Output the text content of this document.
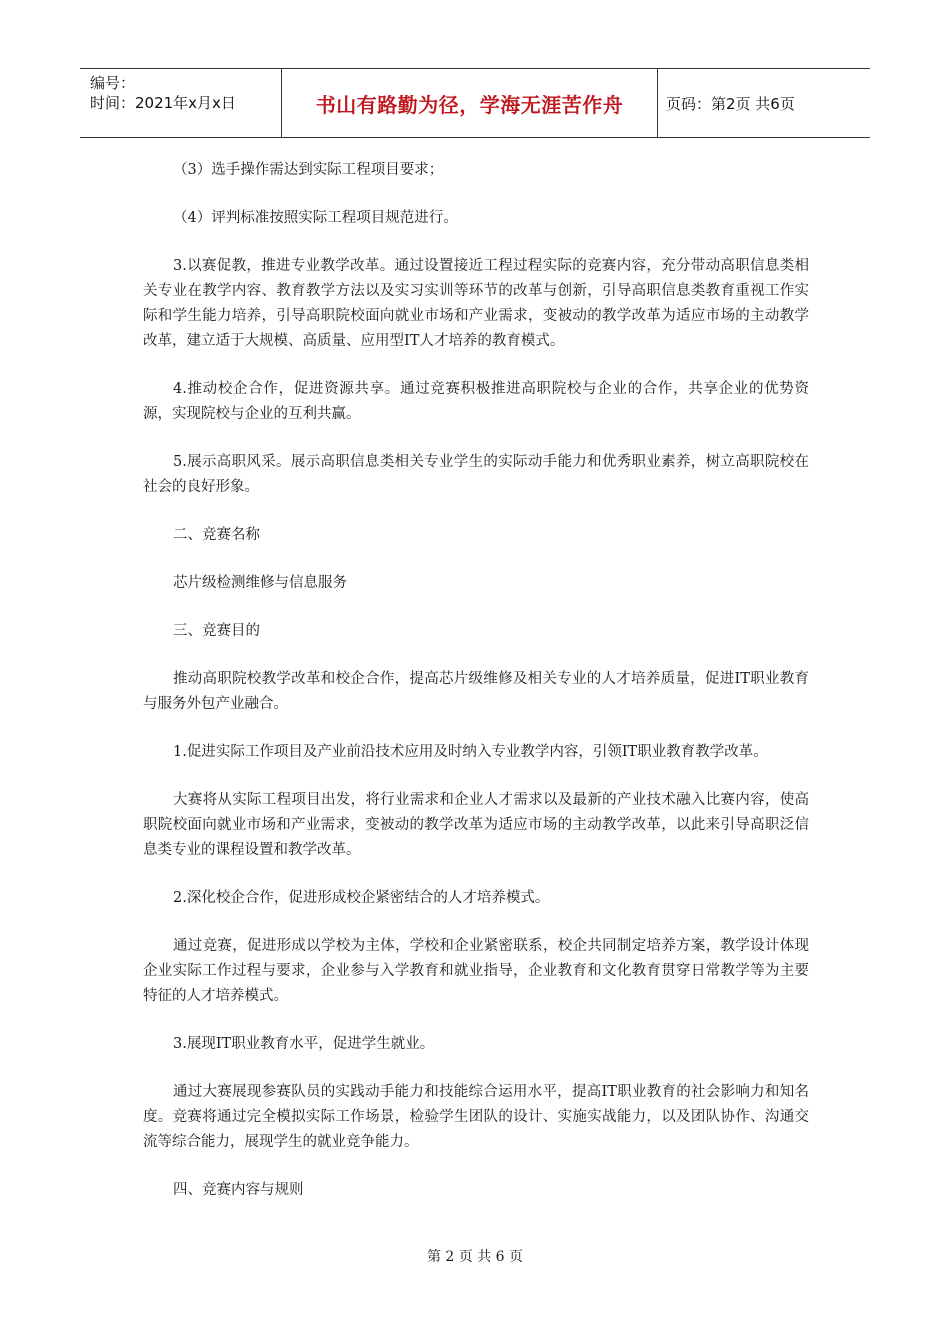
编号：
时间：2021年x月x日	书山有路勤为径，学海无涯苦作舟	页码：第2页 共6页

（3）选手操作需达到实际工程项目要求；

（4）评判标准按照实际工程项目规范进行。

3.以赛促教，推进专业教学改革。通过设置接近工程过程实际的竞赛内容，充分带动高职信息类相关专业在教学内容、教育教学方法以及实习实训等环节的改革与创新，引导高职信息类教育重视工作实际和学生能力培养，引导高职院校面向就业市场和产业需求，变被动的教学改革为适应市场的主动教学改革，建立适于大规模、高质量、应用型IT人才培养的教育模式。

4.推动校企合作，促进资源共享。通过竞赛积极推进高职院校与企业的合作，共享企业的优势资源，实现院校与企业的互利共赢。

5.展示高职风采。展示高职信息类相关专业学生的实际动手能力和优秀职业素养，树立高职院校在社会的良好形象。

二、竞赛名称

芯片级检测维修与信息服务

三、竞赛目的

推动高职院校教学改革和校企合作，提高芯片级维修及相关专业的人才培养质量，促进IT职业教育与服务外包产业融合。

1.促进实际工作项目及产业前沿技术应用及时纳入专业教学内容，引领IT职业教育教学改革。

大赛将从实际工程项目出发，将行业需求和企业人才需求以及最新的产业技术融入比赛内容，使高职院校面向就业市场和产业需求，变被动的教学改革为适应市场的主动教学改革，以此来引导高职泛信息类专业的课程设置和教学改革。

2.深化校企合作，促进形成校企紧密结合的人才培养模式。

通过竞赛，促进形成以学校为主体，学校和企业紧密联系，校企共同制定培养方案，教学设计体现企业实际工作过程与要求，企业参与入学教育和就业指导，企业教育和文化教育贯穿日常教学等为主要特征的人才培养模式。

3.展现IT职业教育水平，促进学生就业。

通过大赛展现参赛队员的实践动手能力和技能综合运用水平，提高IT职业教育的社会影响力和知名度。竞赛将通过完全模拟实际工作场景，检验学生团队的设计、实施实战能力，以及团队协作、沟通交流等综合能力，展现学生的就业竞争能力。

四、竞赛内容与规则

第 2 页 共 6 页
